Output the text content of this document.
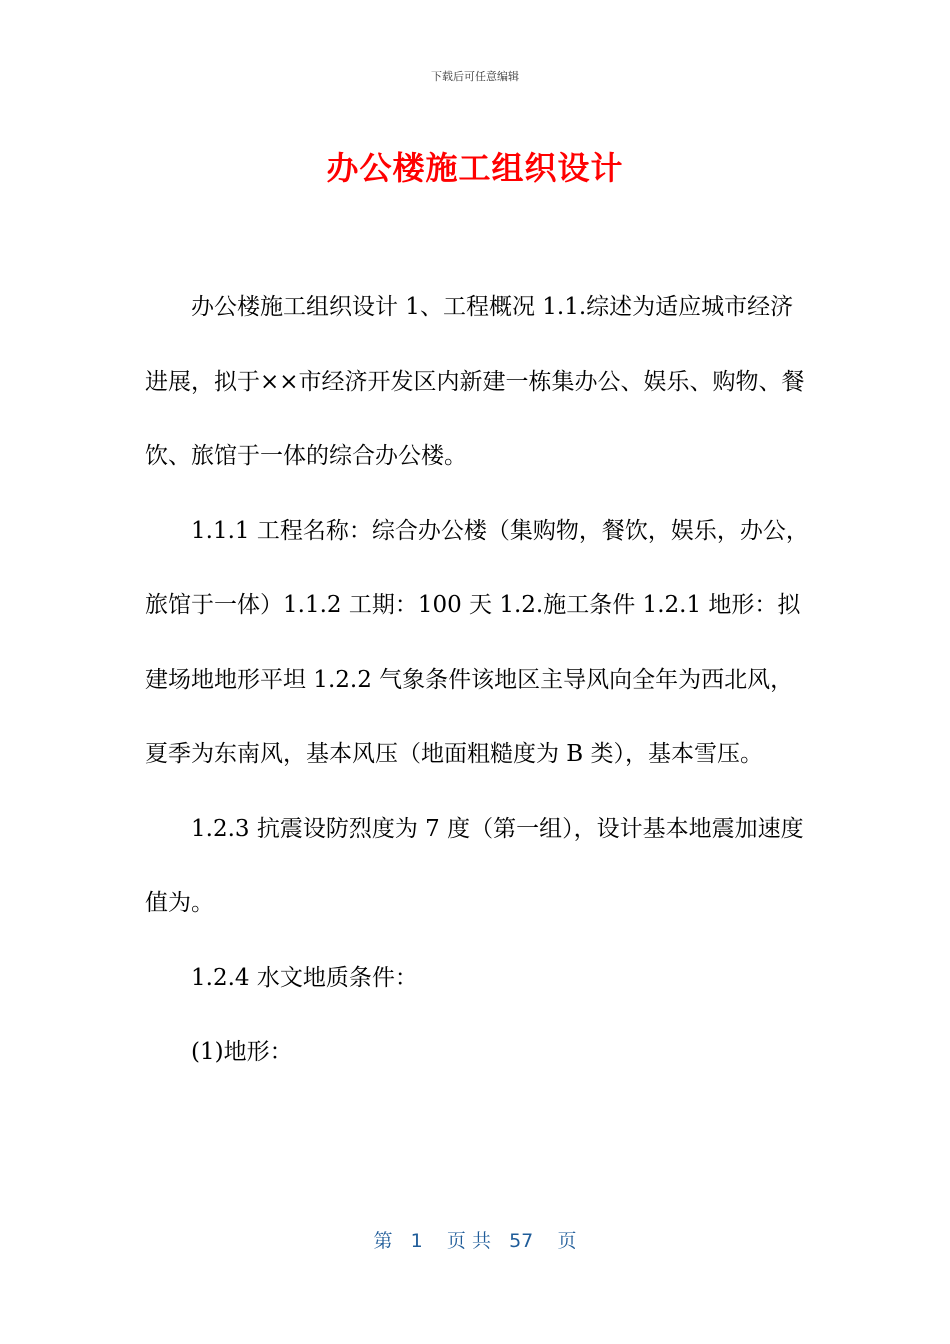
下载后可任意编辑
办公楼施工组织设计

办公楼施工组织设计 1、工程概况 1.1.综述为适应城市经济进展，拟于××市经济开发区内新建一栋集办公、娱乐、购物、餐饮、旅馆于一体的综合办公楼。

1.1.1 工程名称：综合办公楼（集购物，餐饮，娱乐，办公，旅馆于一体）1.1.2 工期：100 天 1.2.施工条件 1.2.1 地形：拟建场地地形平坦 1.2.2 气象条件该地区主导风向全年为西北风，夏季为东南风，基本风压（地面粗糙度为 B 类），基本雪压。

1.2.3 抗震设防烈度为 7 度（第一组），设计基本地震加速度值为。

1.2.4 水文地质条件：

(1)地形：

第 1 页 共 57 页
